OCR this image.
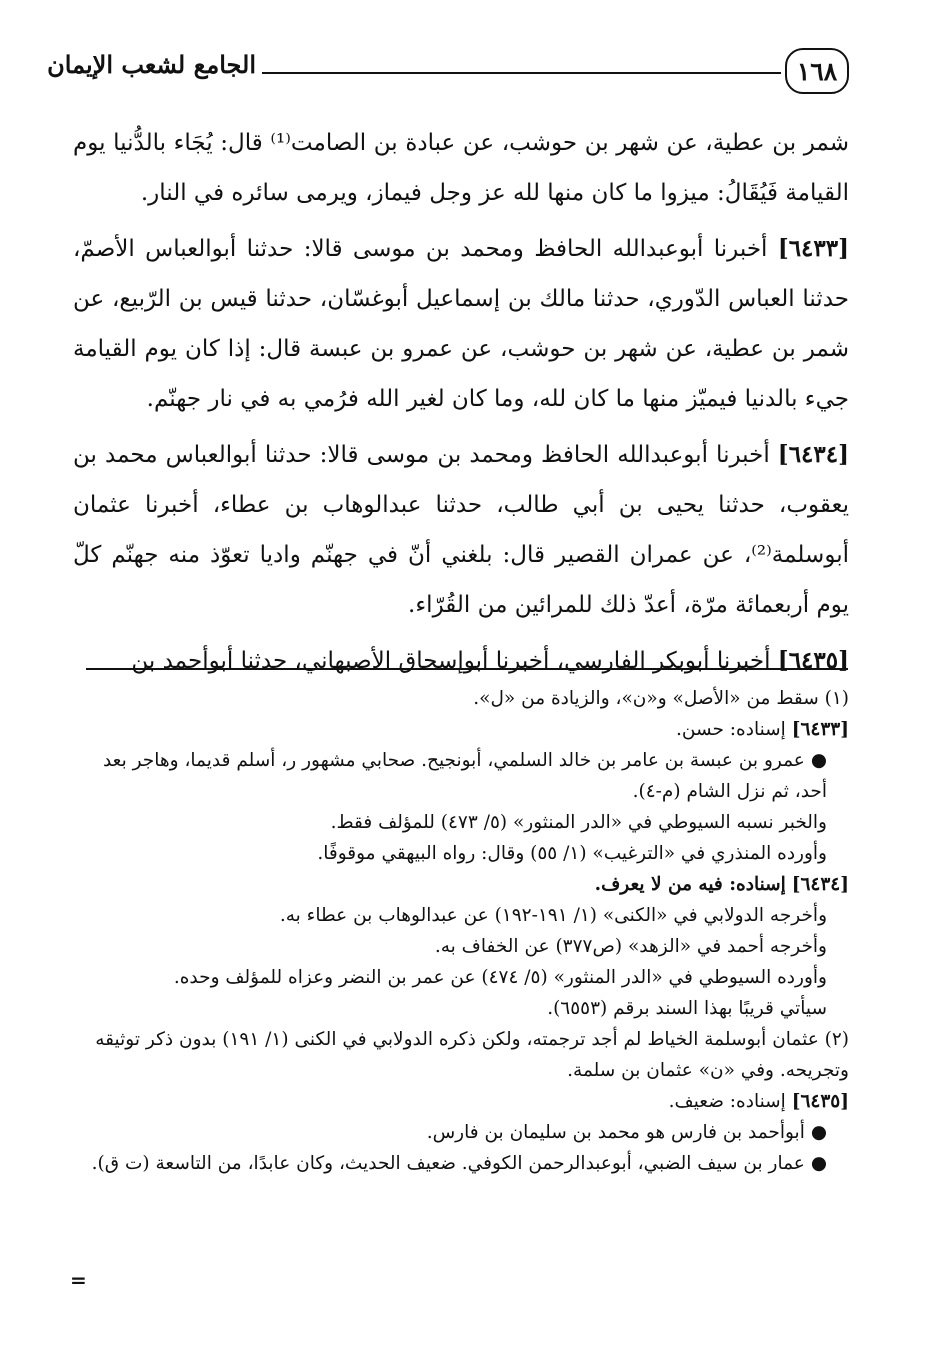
١٦٨
الجامع لشعب الإيمان

شمر بن عطية، عن شهر بن حوشب، عن عبادة بن الصامت⁽¹⁾ قال: يُجَاء بالدُّنيا يوم القيامة فَيُقَالُ: ميزوا ما كان منها لله عز وجل فيماز، ويرمى سائره في النار.

[٦٤٣٣] أخبرنا أبوعبدالله الحافظ ومحمد بن موسى قالا: حدثنا أبوالعباس الأصمّ، حدثنا العباس الدّوري، حدثنا مالك بن إسماعيل أبوغسّان، حدثنا قيس بن الرّبيع، عن شمر بن عطية، عن شهر بن حوشب، عن عمرو بن عبسة قال: إذا كان يوم القيامة جيء بالدنيا فيميّز منها ما كان لله، وما كان لغير الله فرُمي به في نار جهنّم.

[٦٤٣٤] أخبرنا أبوعبدالله الحافظ ومحمد بن موسى قالا: حدثنا أبوالعباس محمد بن يعقوب، حدثنا يحيى بن أبي طالب، حدثنا عبدالوهاب بن عطاء، أخبرنا عثمان أبوسلمة⁽²⁾، عن عمران القصير قال: بلغني أنّ في جهنّم واديا تعوّذ منه جهنّم كلّ يوم أربعمائة مرّة، أعدّ ذلك للمرائين من القُرّاء.

[٦٤٣٥] أخبرنا أبوبكر الفارسي، أخبرنا أبوإسحاق الأصبهاني، حدثنا أبوأحمد بن

(١) سقط من «الأصل» و«ن»، والزيادة من «ل».

[٦٤٣٣] إسناده: حسن.

●عمرو بن عبسة بن عامر بن خالد السلمي، أبونجيح. صحابي مشهور ر، أسلم قديما، وهاجر بعد أحد، ثم نزل الشام (م-٤).

والخبر نسبه السيوطي في «الدر المنثور» (٥/ ٤٧٣) للمؤلف فقط.

وأورده المنذري في «الترغيب» (١/ ٥٥) وقال: رواه البيهقي موقوفًا.

[٦٤٣٤] إسناده: فيه من لا يعرف.

وأخرجه الدولابي في «الكنى» (١/ ١٩١-١٩٢) عن عبدالوهاب بن عطاء به.

وأخرجه أحمد في «الزهد» (ص٣٧٧) عن الخفاف به.

وأورده السيوطي في «الدر المنثور» (٥/ ٤٧٤) عن عمر بن النضر وعزاه للمؤلف وحده.

سيأتي قريبًا بهذا السند برقم (٦٥٥٣).

(٢) عثمان أبوسلمة الخياط لم أجد ترجمته، ولكن ذكره الدولابي في الكنى (١/ ١٩١) بدون ذكر توثيقه وتجريحه. وفي «ن» عثمان بن سلمة.

[٦٤٣٥] إسناده: ضعيف.

●أبوأحمد بن فارس هو محمد بن سليمان بن فارس.

●عمار بن سيف الضبي، أبوعبدالرحمن الكوفي. ضعيف الحديث، وكان عابدًا، من التاسعة (ت ق).

=
